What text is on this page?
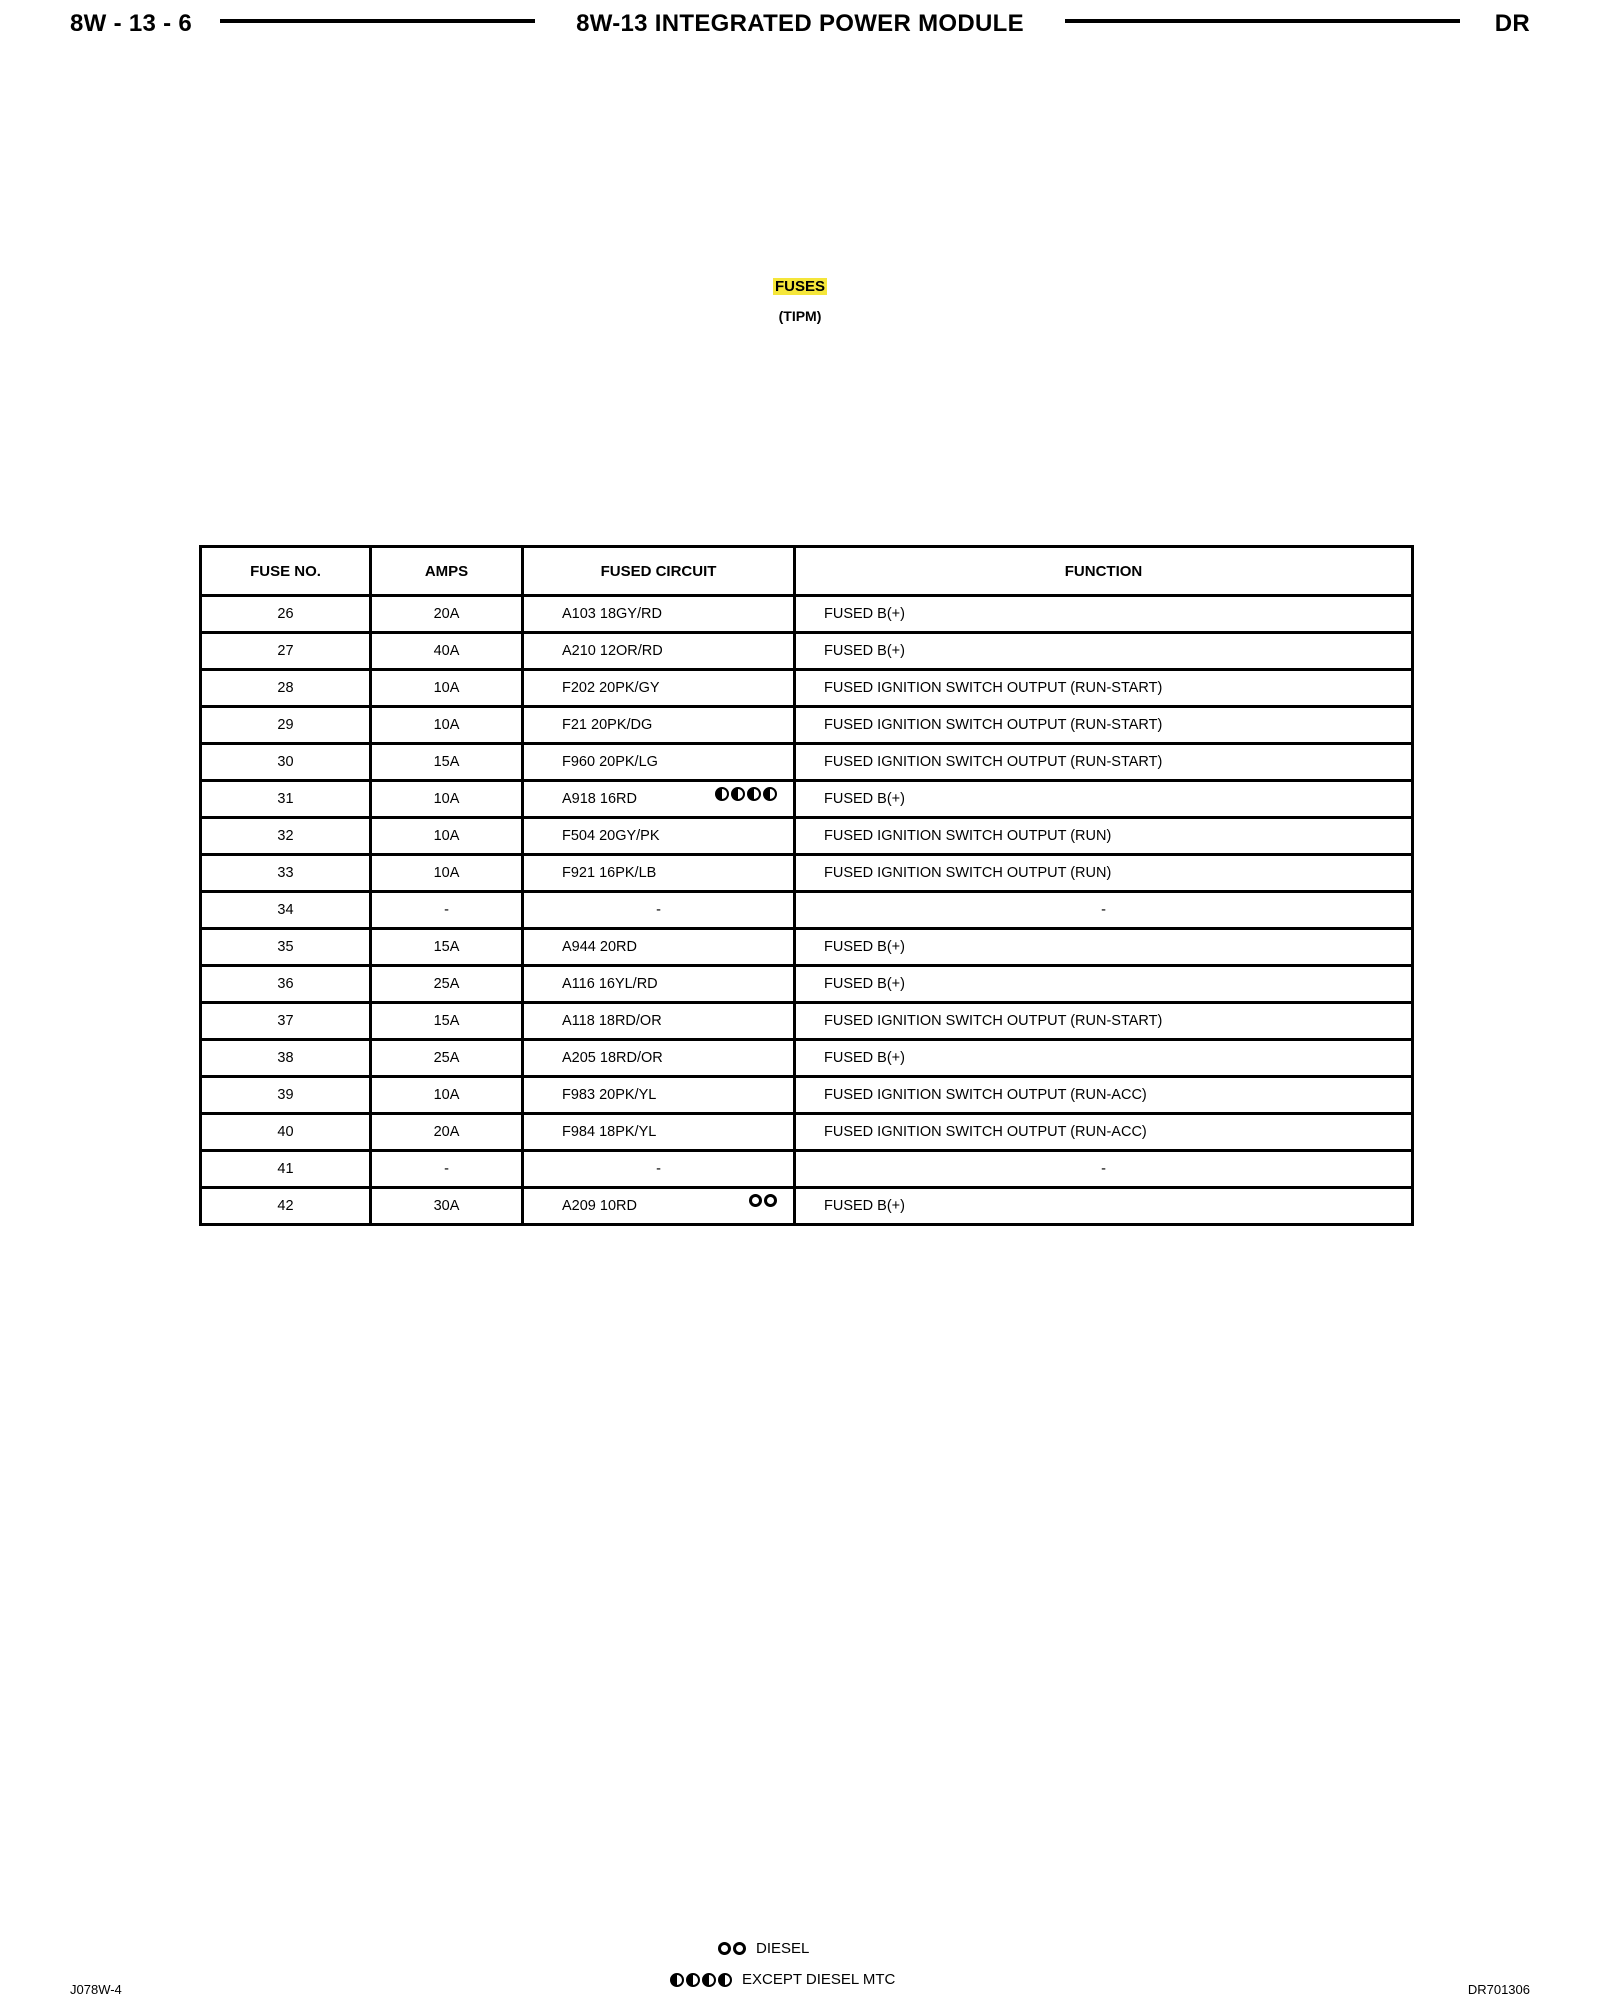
8W - 13 - 6	8W-13 INTEGRATED POWER MODULE	DR
FUSES
(TIPM)
FUSE NO.	AMPS	FUSED CIRCUIT	FUNCTION
26	20A	A103 18GY/RD	FUSED B(+)
27	40A	A210 12OR/RD	FUSED B(+)
28	10A	F202 20PK/GY	FUSED IGNITION SWITCH OUTPUT (RUN-START)
29	10A	F21 20PK/DG	FUSED IGNITION SWITCH OUTPUT (RUN-START)
30	15A	F960 20PK/LG	FUSED IGNITION SWITCH OUTPUT (RUN-START)
31	10A	A918 16RD	FUSED B(+)
32	10A	F504 20GY/PK	FUSED IGNITION SWITCH OUTPUT (RUN)
33	10A	F921 16PK/LB	FUSED IGNITION SWITCH OUTPUT (RUN)
34	-	-	-
35	15A	A944 20RD	FUSED B(+)
36	25A	A116 16YL/RD	FUSED B(+)
37	15A	A118 18RD/OR	FUSED IGNITION SWITCH OUTPUT (RUN-START)
38	25A	A205 18RD/OR	FUSED B(+)
39	10A	F983 20PK/YL	FUSED IGNITION SWITCH OUTPUT (RUN-ACC)
40	20A	F984 18PK/YL	FUSED IGNITION SWITCH OUTPUT (RUN-ACC)
41	-	-	-
42	30A	A209 10RD	FUSED B(+)
DIESEL
EXCEPT DIESEL MTC
J078W-4	DR701306
